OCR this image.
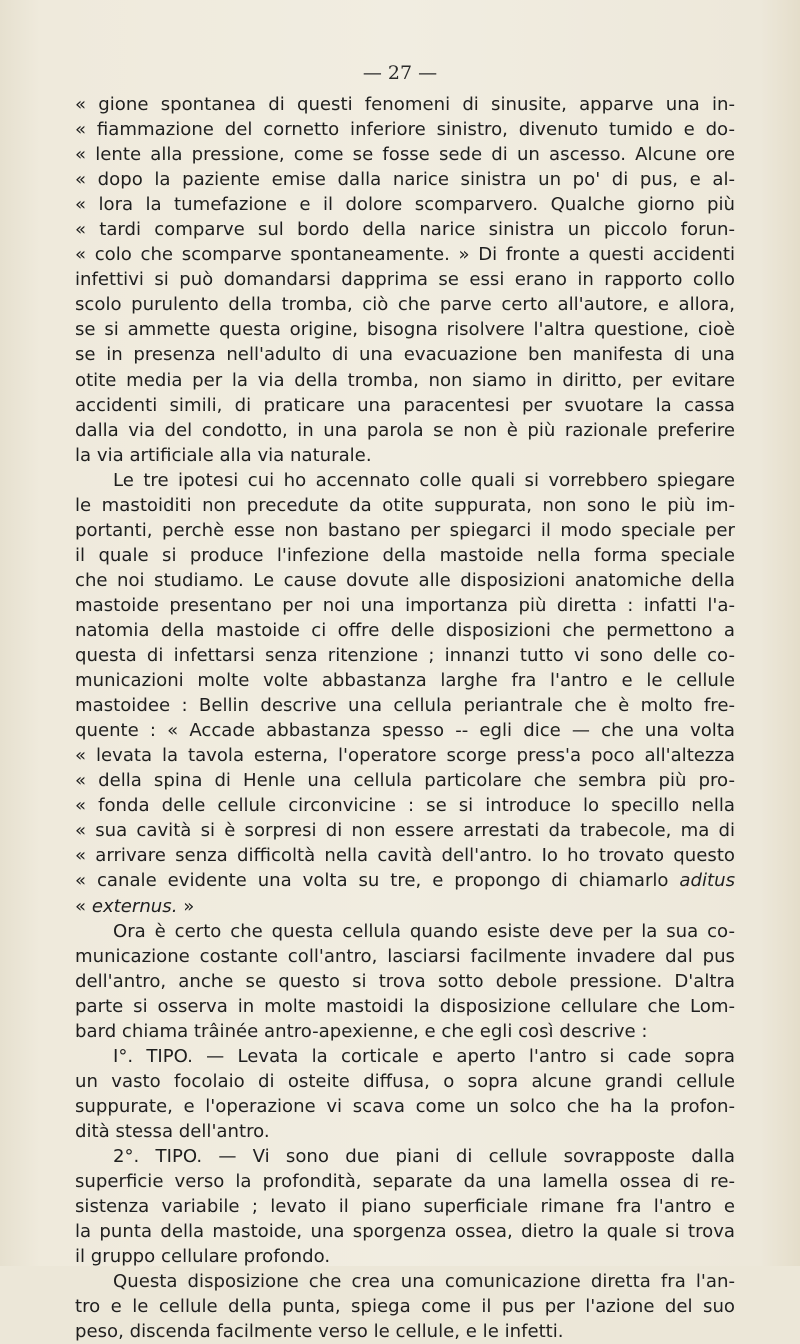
— 27 —

« gione spontanea di questi fenomeni di sinusite, apparve una in-
« fiammazione del cornetto inferiore sinistro, divenuto tumido e do-
« lente alla pressione, come se fosse sede di un ascesso. Alcune ore
« dopo la paziente emise dalla narice sinistra un po' di pus, e al-
« lora la tumefazione e il dolore scomparvero. Qualche giorno più
« tardi comparve sul bordo della narice sinistra un piccolo forun-
« colo che scomparve spontaneamente. » Di fronte a questi accidenti
infettivi si può domandarsi dapprima se essi erano in rapporto collo
scolo purulento della tromba, ciò che parve certo all'autore, e allora,
se si ammette questa origine, bisogna risolvere l'altra questione, cioè
se in presenza nell'adulto di una evacuazione ben manifesta di una
otite media per la via della tromba, non siamo in diritto, per evitare
accidenti simili, di praticare una paracentesi per svuotare la cassa
dalla via del condotto, in una parola se non è più razionale preferire
la via artificiale alla via naturale.
Le tre ipotesi cui ho accennato colle quali si vorrebbero spiegare
le mastoiditi non precedute da otite suppurata, non sono le più im-
portanti, perchè esse non bastano per spiegarci il modo speciale per
il quale si produce l'infezione della mastoide nella forma speciale
che noi studiamo. Le cause dovute alle disposizioni anatomiche della
mastoide presentano per noi una importanza più diretta : infatti l'a-
natomia della mastoide ci offre delle disposizioni che permettono a
questa di infettarsi senza ritenzione ; innanzi tutto vi sono delle co-
municazioni molte volte abbastanza larghe fra l'antro e le cellule
mastoidee : Bellin descrive una cellula periantrale che è molto fre-
quente : « Accade abbastanza spesso -- egli dice — che una volta
« levata la tavola esterna, l'operatore scorge press'a poco all'altezza
« della spina di Henle una cellula particolare che sembra più pro-
« fonda delle cellule circonvicine : se si introduce lo specillo nella
« sua cavità si è sorpresi di non essere arrestati da trabecole, ma di
« arrivare senza difficoltà nella cavità dell'antro. Io ho trovato questo
« canale evidente una volta su tre, e propongo di chiamarlo aditus
« externus. »
Ora è certo che questa cellula quando esiste deve per la sua co-
municazione costante coll'antro, lasciarsi facilmente invadere dal pus
dell'antro, anche se questo si trova sotto debole pressione. D'altra
parte si osserva in molte mastoidi la disposizione cellulare che Lom-
bard chiama trâinée antro-apexienne, e che egli così descrive :
I°. TIPO. — Levata la corticale e aperto l'antro si cade sopra
un vasto focolaio di osteite diffusa, o sopra alcune grandi cellule
suppurate, e l'operazione vi scava come un solco che ha la profon-
dità stessa dell'antro.
2°. TIPO. — Vi sono due piani di cellule sovrapposte dalla
superficie verso la profondità, separate da una lamella ossea di re-
sistenza variabile ; levato il piano superficiale rimane fra l'antro e
la punta della mastoide, una sporgenza ossea, dietro la quale si trova
il gruppo cellulare profondo.
Questa disposizione che crea una comunicazione diretta fra l'an-
tro e le cellule della punta, spiega come il pus per l'azione del suo
peso, discenda facilmente verso le cellule, e le infetti.
